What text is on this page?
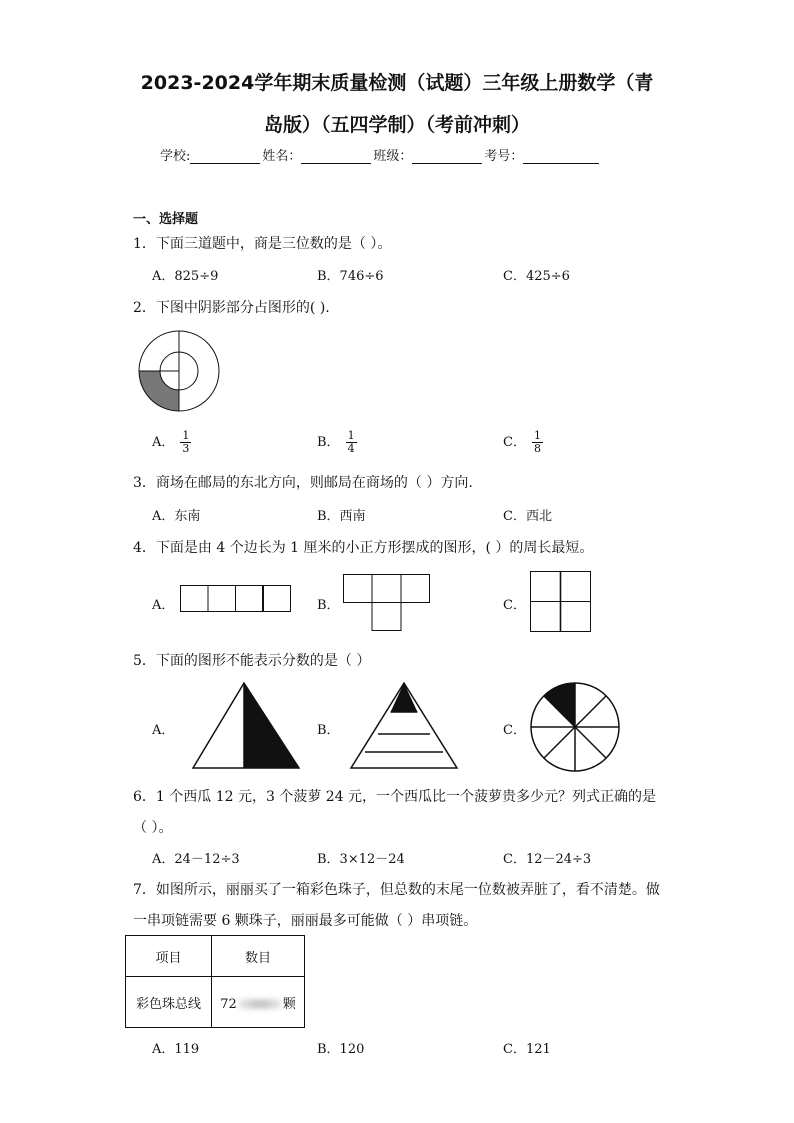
2023-2024学年期末质量检测（试题）三年级上册数学（青
岛版）（五四学制）（考前冲刺）
学校:	姓名：	班级：	考号：
一、选择题
1．下面三道题中，商是三位数的是（ ）。
A．825÷9	B．746÷6	C．425÷6
2．下图中阴影部分占图形的( ).
A． $\frac{1}{3}$	B． $\frac{1}{4}$	C． $\frac{1}{8}$
3．商场在邮局的东北方向，则邮局在商场的（ ）方向.
A．东南	B．西南	C．西北
4．下面是由 4 个边长为 1 厘米的小正方形摆成的图形，( ）的周长最短。
A．	B．	C．
5．下面的图形不能表示分数的是（ ）
A．	B．	C．
6．1 个西瓜 12 元，3 个菠萝 24 元，一个西瓜比一个菠萝贵多少元？列式正确的是
（ ）。
A．24－12÷3	B．3×12－24	C．12－24÷3
7．如图所示，丽丽买了一箱彩色珠子，但总数的末尾一位数被弄脏了，看不清楚。做
一串项链需要 6 颗珠子，丽丽最多可能做（ ）串项链。
项目	数目
彩色珠总线	72 颗
A．119	B．120	C．121
